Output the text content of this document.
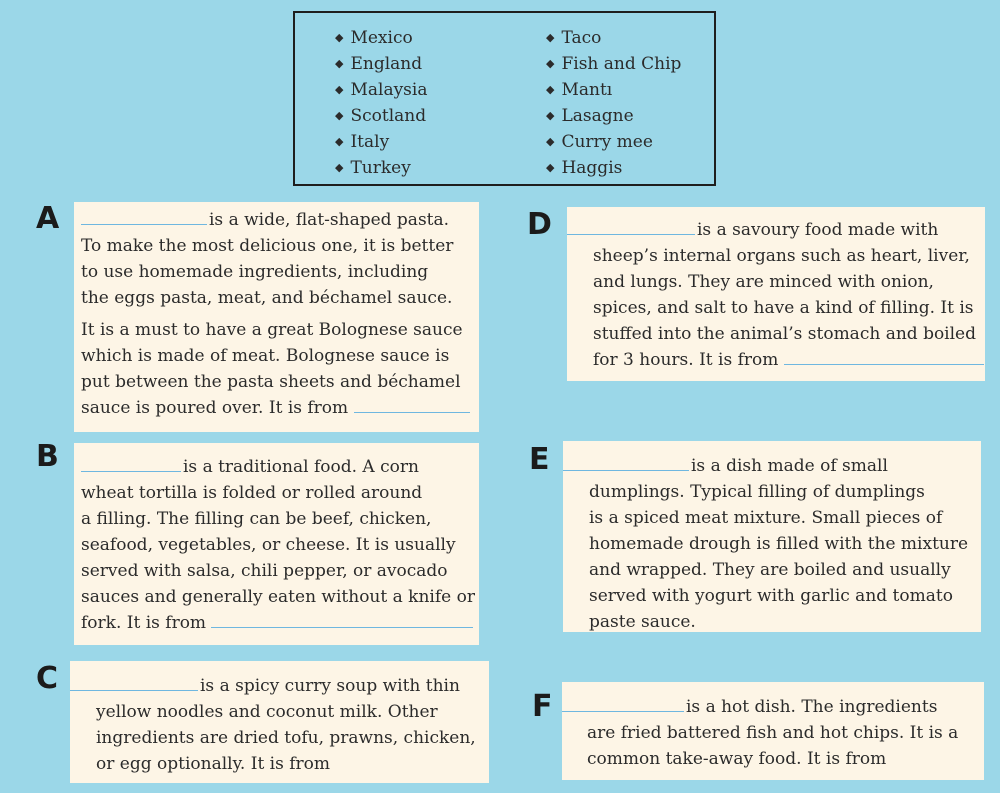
◆ Mexico
◆ England
◆ Malaysia
◆ Scotland
◆ Italy
◆ Turkey
◆ Taco
◆ Fish and Chip
◆ Mantı
◆ Lasagne
◆ Curry mee
◆ Haggis
A	is a wide, flat-shaped pasta.
To make the most delicious one, it is better
to use homemade ingredients, including
the eggs pasta, meat, and béchamel sauce.
It is a must to have a great Bolognese sauce
which is made of meat. Bolognese sauce is
put between the pasta sheets and béchamel
sauce is poured over. It is from
B	is a traditional food. A corn
wheat tortilla is folded or rolled around
a filling. The filling can be beef, chicken,
seafood, vegetables, or cheese. It is usually
served with salsa, chili pepper, or avocado
sauces and generally eaten without a knife or
fork. It is from
C	is a spicy curry soup with thin
yellow noodles and coconut milk. Other
ingredients are dried tofu, prawns, chicken,
or egg optionally. It is from
D	is a savoury food made with
sheep’s internal organs such as heart, liver,
and lungs. They are minced with onion,
spices, and salt to have a kind of filling. It is
stuffed into the animal’s stomach and boiled
for 3 hours. It is from
E	is a dish made of small
dumplings. Typical filling of dumplings
is a spiced meat mixture. Small pieces of
homemade drough is filled with the mixture
and wrapped. They are boiled and usually
served with yogurt with garlic and tomato
paste sauce.
F	is a hot dish. The ingredients
are fried battered fish and hot chips. It is a
common take-away food. It is from
